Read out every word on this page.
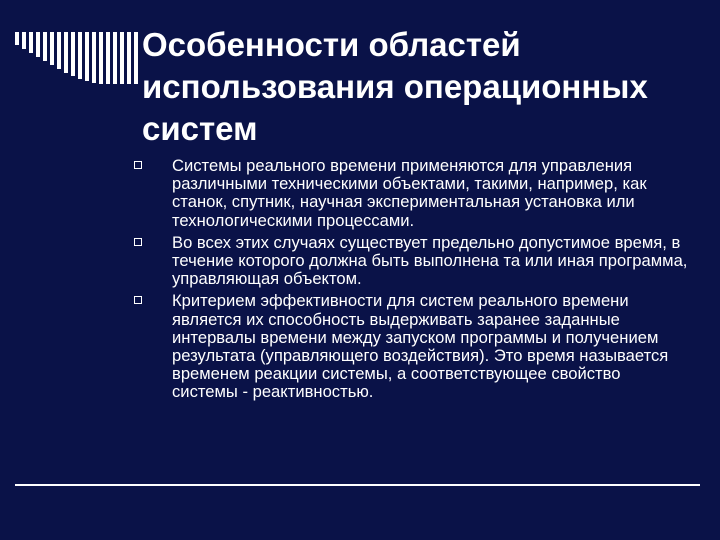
Особенности областей использования операционных систем
Системы реального времени применяются для управления различными техническими объектами, такими, например, как станок, спутник, научная экспериментальная установка или технологическими процессами.
Во всех этих случаях существует предельно допустимое время, в течение которого должна быть выполнена та или иная программа, управляющая объектом.
Критерием эффективности для систем реального времени является их способность выдерживать заранее заданные интервалы времени между запуском программы и получением результата (управляющего воздействия). Это время называется временем реакции системы, а соответствующее свойство системы - реактивностью.
